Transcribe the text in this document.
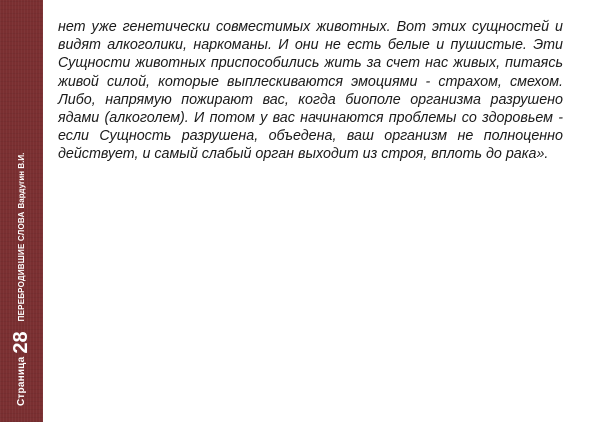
Страница
28
ПЕРЕБРОДИВШИЕ СЛОВА
Вардугин В.И.

нет уже генетически совместимых животных. Вот этих сущностей и видят алкоголики, наркоманы. И они не есть белые и пушистые. Эти Сущности животных приспособились жить за счет нас живых, питаясь живой силой, которые выплескиваются эмоциями - страхом, смехом. Либо, напрямую пожирают вас, когда биополе организма разрушено ядами (алкоголем). И потом у вас начинаются проблемы со здоровьем - если Сущность разрушена, объедена, ваш организм не полноценно действует, и самый слабый орган выходит из строя, вплоть до рака».
